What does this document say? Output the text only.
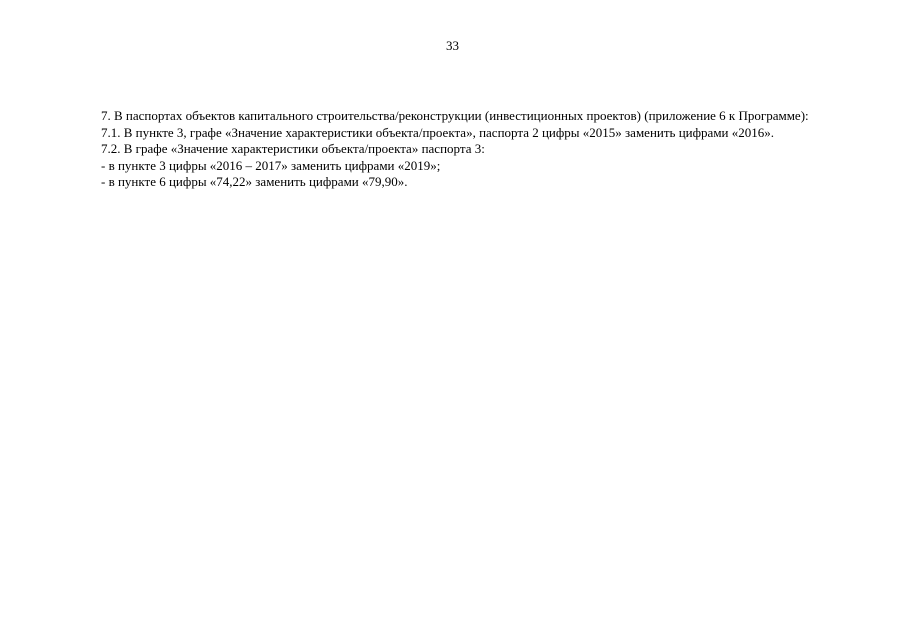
33

7. В паспортах объектов капитального строительства/реконструкции (инвестиционных проектов) (приложение 6 к Программе):

7.1. В пункте 3, графе «Значение характеристики объекта/проекта», паспорта 2 цифры «2015» заменить цифрами «2016».

7.2. В графе «Значение характеристики объекта/проекта» паспорта 3:

- в пункте 3 цифры «2016 – 2017» заменить цифрами «2019»;

- в пункте 6 цифры «74,22» заменить цифрами «79,90».
